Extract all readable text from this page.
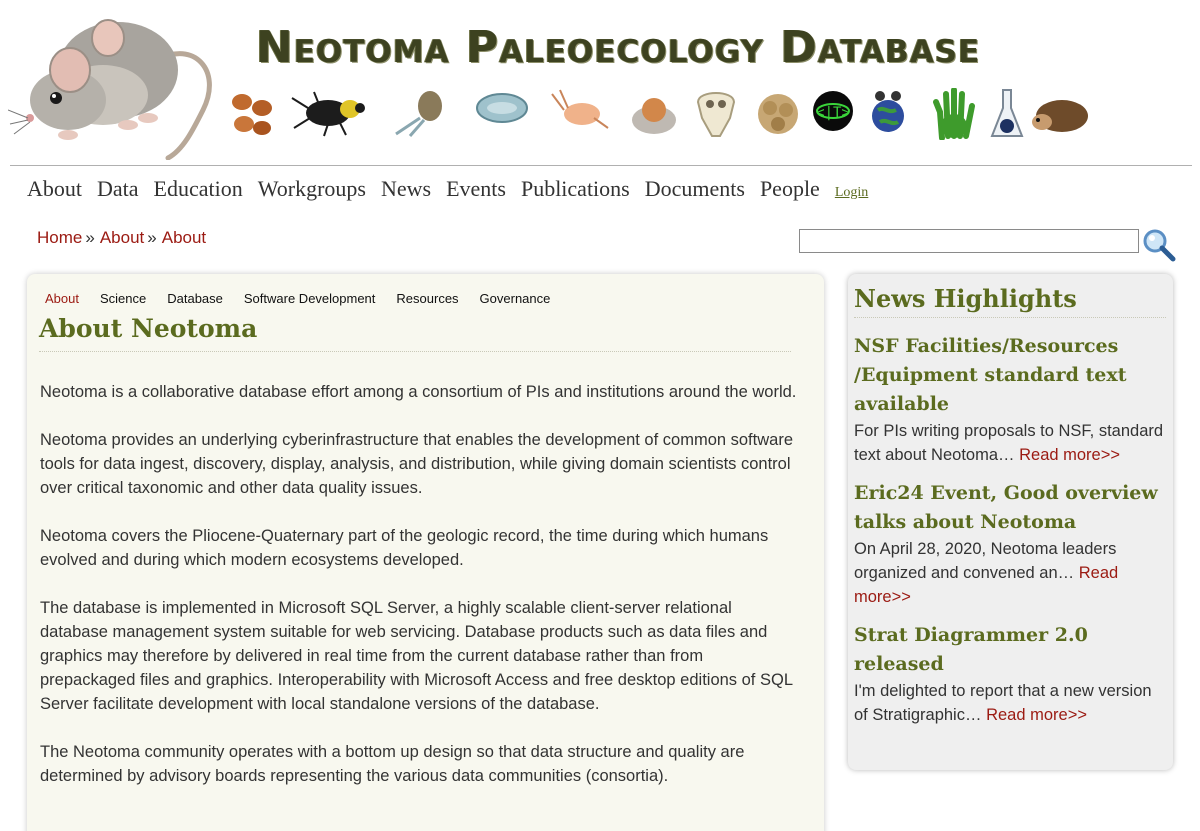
Neotoma Paleoecology Database
<|T>
About Data Education Workgroups News Events Publications Documents People Login
Home » About » About
About Science Database Software Development Resources Governance
About Neotoma

Neotoma is a collaborative database effort among a consortium of PIs and institutions around the world.

Neotoma provides an underlying cyberinfrastructure that enables the development of common software tools for data ingest, discovery, display, analysis, and distribution, while giving domain scientists control over critical taxonomic and other data quality issues.

Neotoma covers the Pliocene-Quaternary part of the geologic record, the time during which humans evolved and during which modern ecosystems developed.

The database is implemented in Microsoft SQL Server, a highly scalable client-server relational database management system suitable for web servicing. Database products such as data files and graphics may therefore by delivered in real time from the current database rather than from prepackaged files and graphics. Interoperability with Microsoft Access and free desktop editions of SQL Server facilitate development with local standalone versions of the database.

The Neotoma community operates with a bottom up design so that data structure and quality are determined by advisory boards representing the various data communities (consortia).

News Highlights
NSF Facilities/Resources /Equipment standard text available
For PIs writing proposals to NSF, standard text about Neotoma… Read more>>
Eric24 Event, Good overview talks about Neotoma
On April 28, 2020, Neotoma leaders organized and convened an… Read more>>
Strat Diagrammer 2.0 released
I'm delighted to report that a new version of Stratigraphic… Read more>>
